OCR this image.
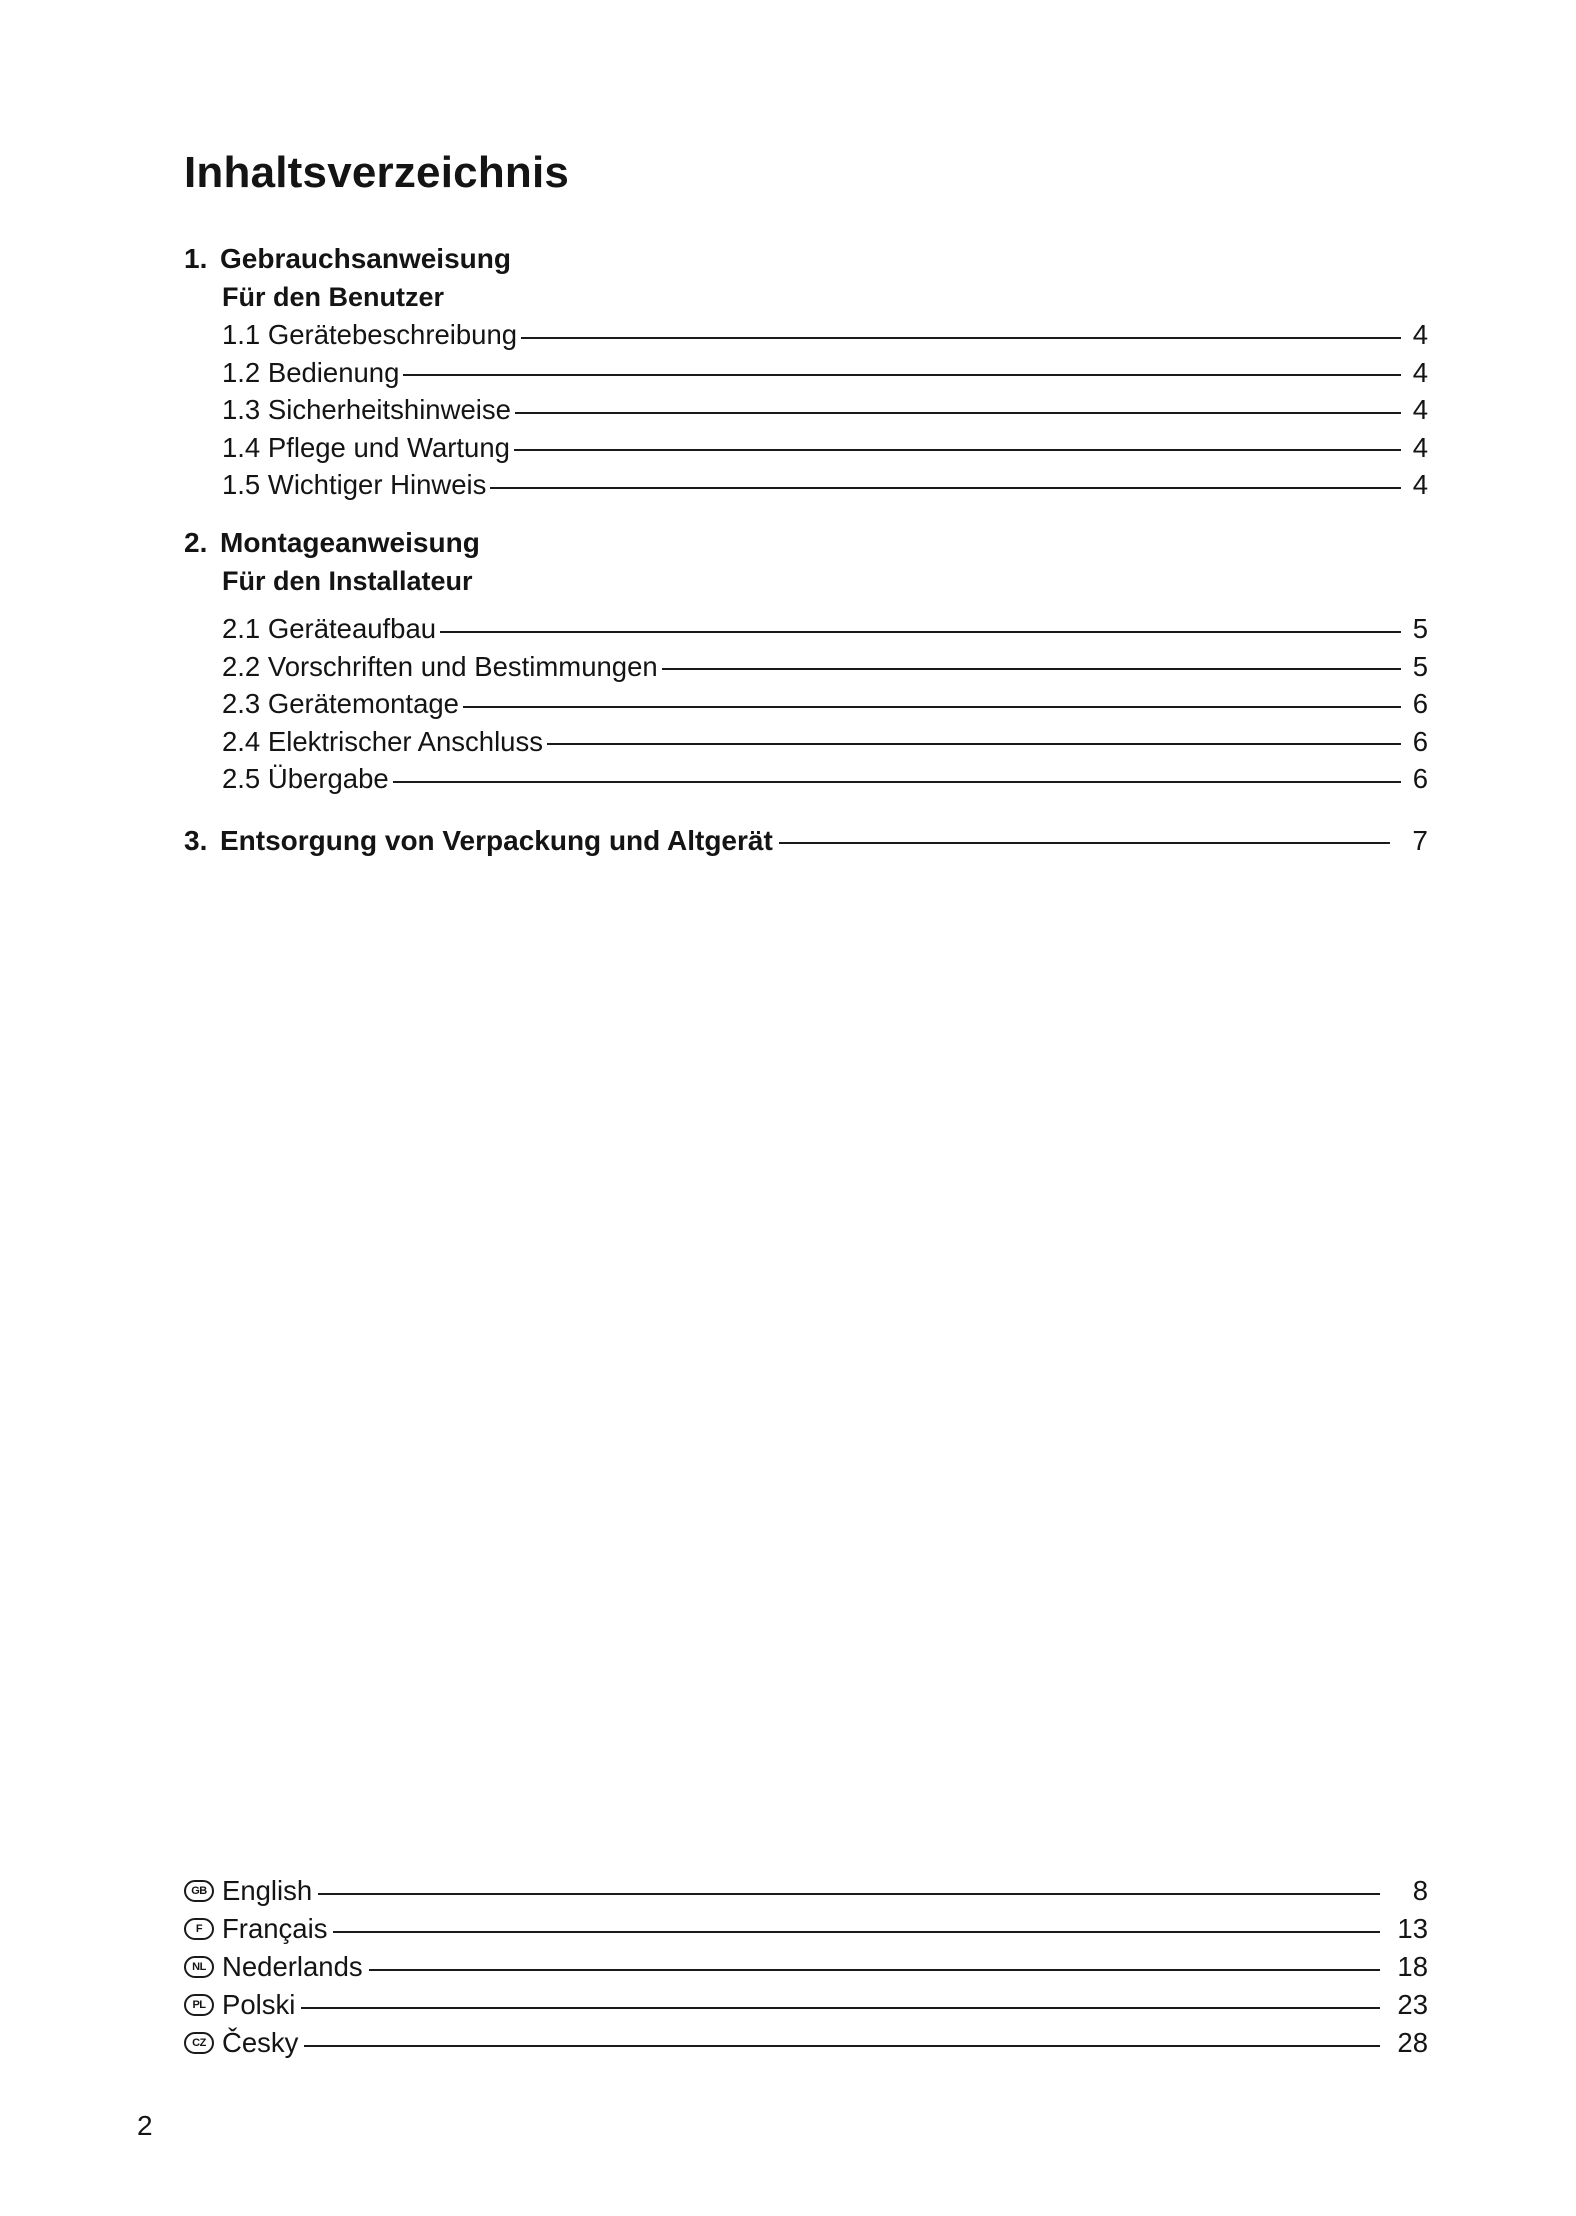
Inhaltsverzeichnis
1. Gebrauchsanweisung
Für den Benutzer
1.1 Gerätebeschreibung	4
1.2 Bedienung	4
1.3 Sicherheitshinweise	4
1.4 Pflege und Wartung	4
1.5 Wichtiger Hinweis	4
2. Montageanweisung
Für den Installateur
2.1 Geräteaufbau	5
2.2 Vorschriften und Bestimmungen	5
2.3 Gerätemontage	6
2.4 Elektrischer Anschluss	6
2.5 Übergabe	6
3. Entsorgung von Verpackung und Altgerät	7
GB English	8
F Français	13
NL Nederlands	18
PL Polski	23
CZ Česky	28
2
